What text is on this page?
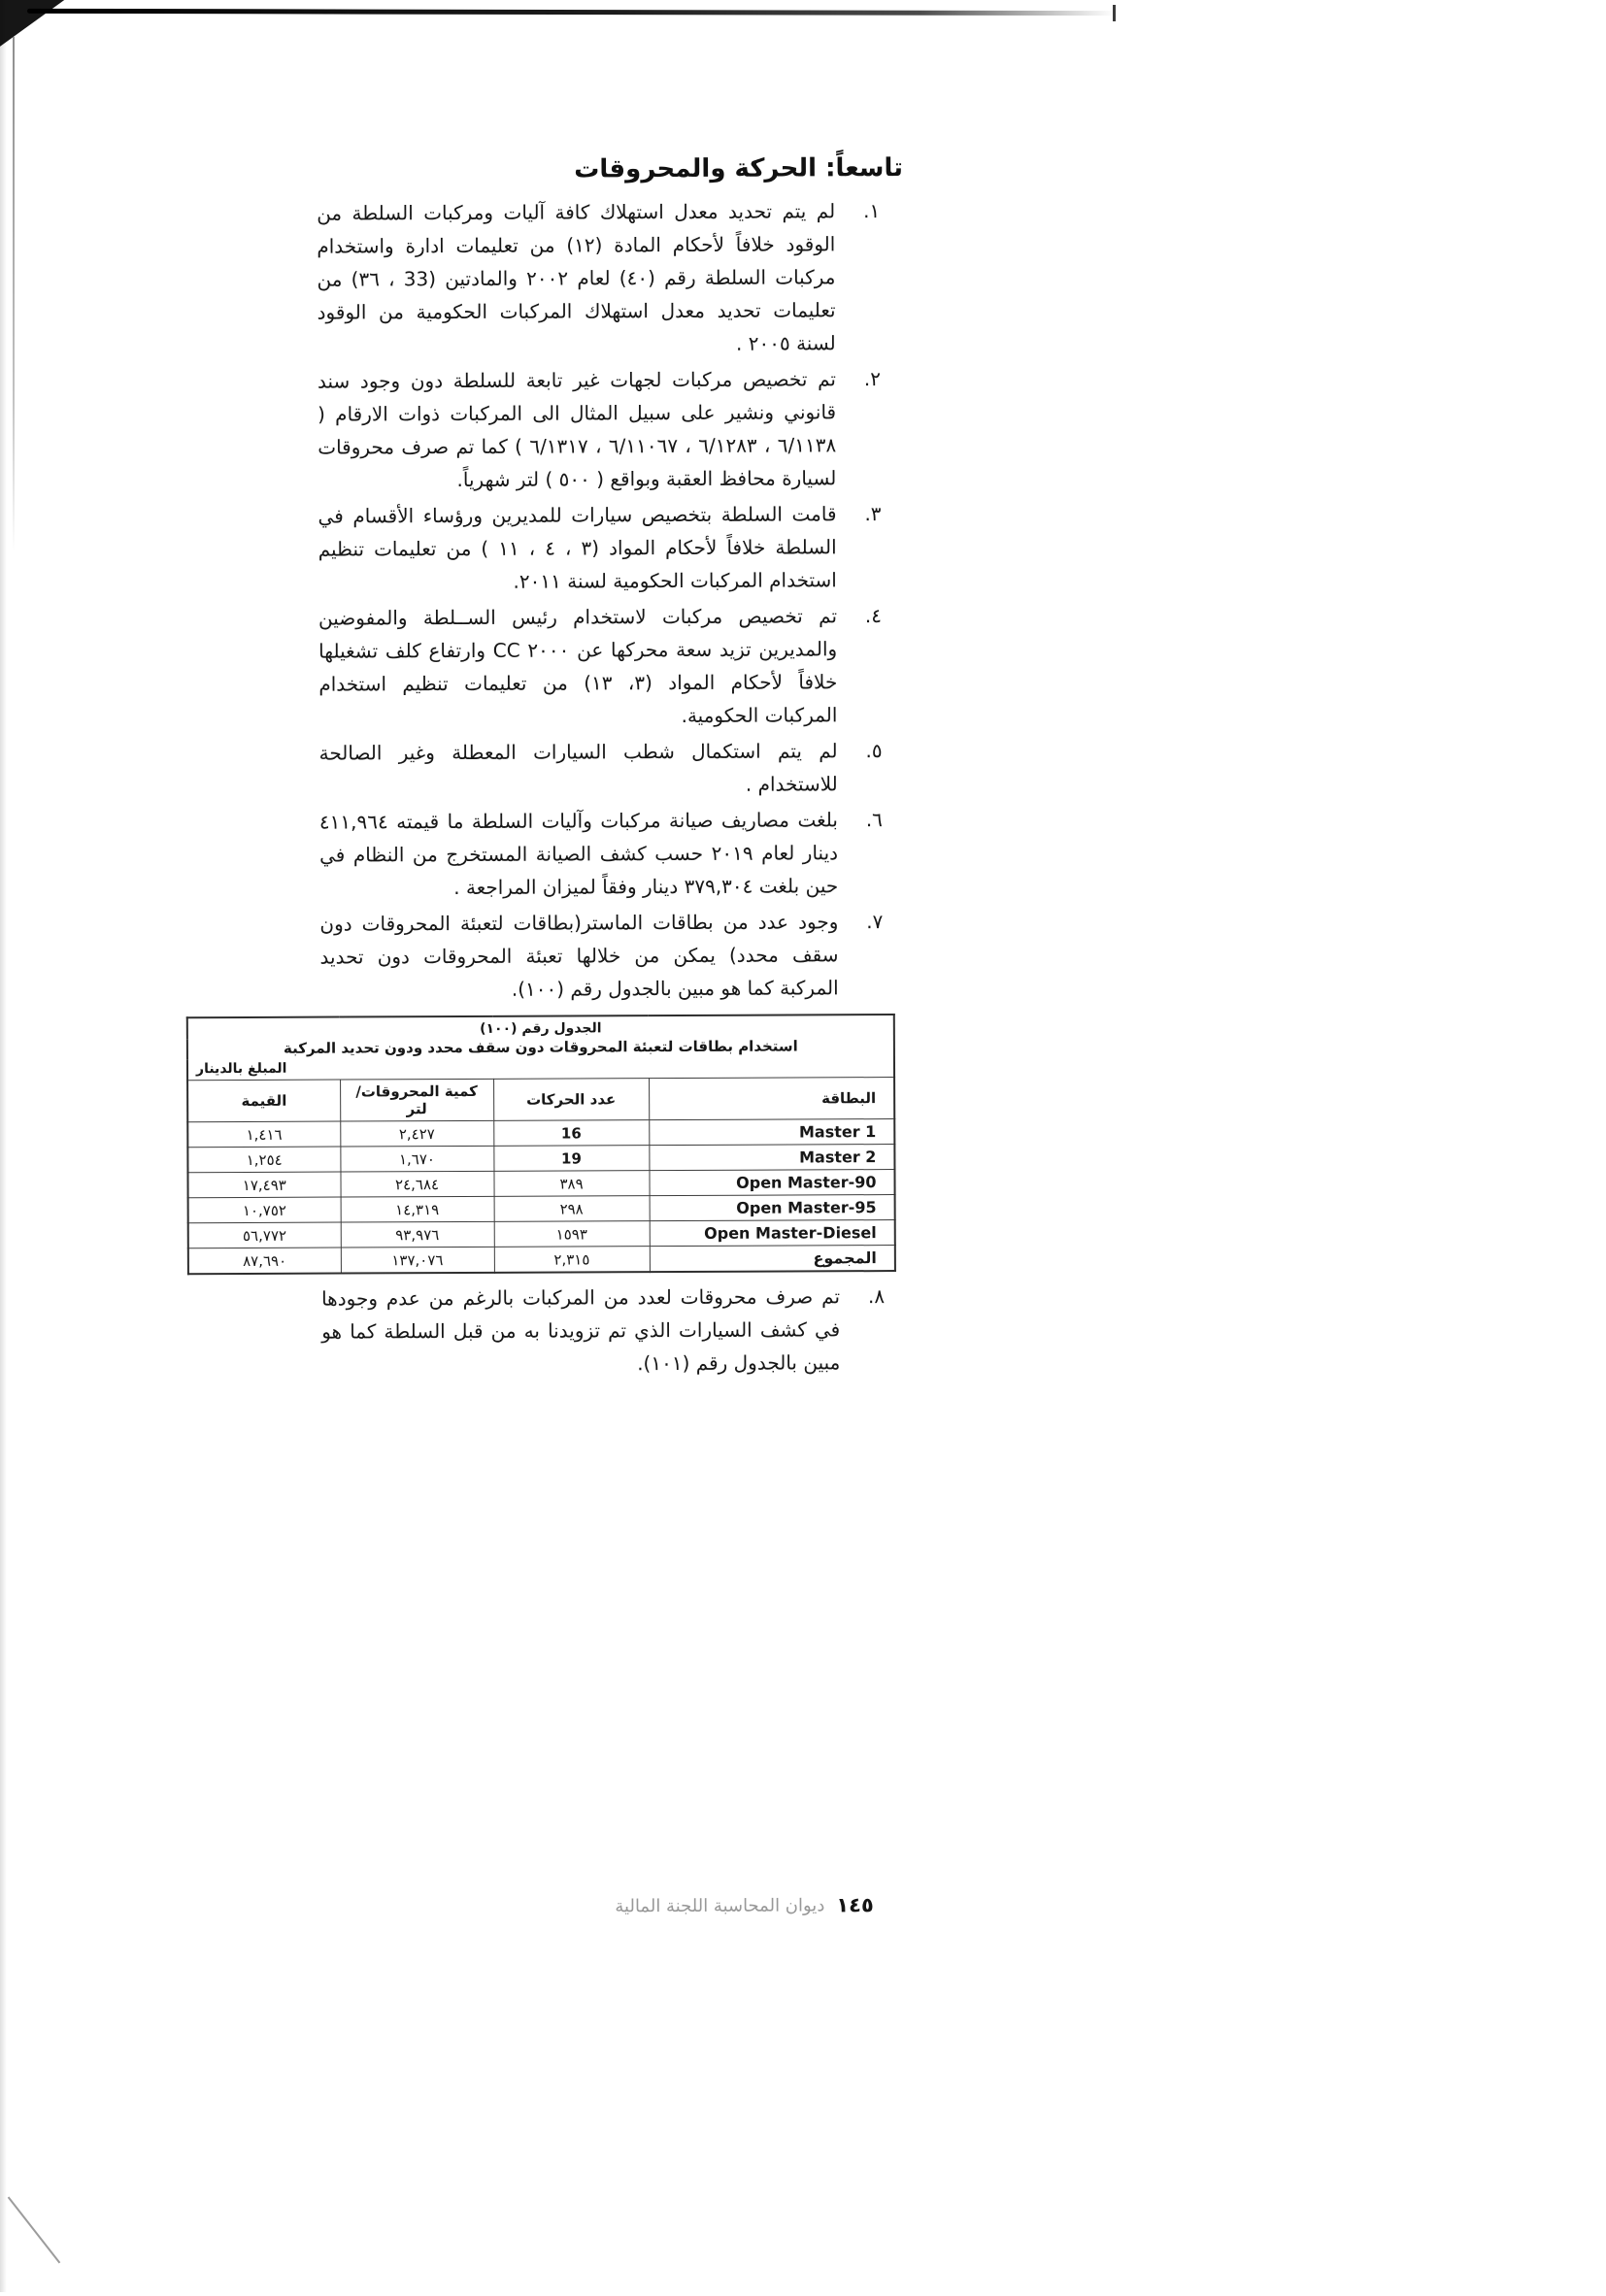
تاسعاً: الحركة والمحروقات
١.

لم يتم تحديد معدل استهلاك كافة آليات ومركبات السلطة من الوقود خلافاً لأحكام المادة (١٢) من تعليمات ادارة واستخدام مركبات السلطة رقم (٤٠) لعام ٢٠٠٢ والمادتين (33 ، ٣٦) من تعليمات تحديد معدل استهلاك المركبات الحكومية من الوقود لسنة ٢٠٠٥ .

٢.

تم تخصيص مركبات لجهات غير تابعة للسلطة دون وجود سند قانوني ونشير على سبيل المثال الى المركبات ذوات الارقام ( ٦/١١٣٨ ، ٦/١٢٨٣ ، ٦/١١٠٦٧ ، ٦/١٣١٧ ) كما تم صرف محروقات لسيارة محافظ العقبة وبواقع ( ٥٠٠ ) لتر شهرياً.

٣.

قامت السلطة بتخصيص سيارات للمديرين ورؤساء الأقسام في السلطة خلافاً لأحكام المواد (٣ ، ٤ ، ١١ ) من تعليمات تنظيم استخدام المركبات الحكومية لسنة ٢٠١١.

٤.

تم تخصيص مركبات لاستخدام رئيس الســلطة والمفوضين والمديرين تزيد سعة محركها عن ٢٠٠٠ CC وارتفاع كلف تشغيلها خلافاً لأحكام المواد (٣، ١٣) من تعليمات تنظيم استخدام المركبات الحكومية.

٥.

لم يتم استكمال شطب السيارات المعطلة وغير الصالحة للاستخدام .

٦.

بلغت مصاريف صيانة مركبات وآليات السلطة ما قيمته ٤١١,٩٦٤ دينار لعام ٢٠١٩ حسب كشف الصيانة المستخرج من النظام في حين بلغت ٣٧٩,٣٠٤ دينار وفقاً لميزان المراجعة .

٧.

وجود عدد من بطاقات الماستر(بطاقات لتعبئة المحروقات دون سقف محدد) يمكن من خلالها تعبئة المحروقات دون تحديد المركبة كما هو مبين بالجدول رقم (١٠٠).

الجدول رقم (١٠٠)			
استخدام بطاقات لتعبئة المحروقات دون سقف محدد ودون تحديد المركبة			
المبلغ بالدينار			
البطاقة	عدد الحركات	كمية المحروقات/لتر	القيمة
Master 1	16	٢,٤٢٧	١,٤١٦
Master 2	19	١,٦٧٠	١,٢٥٤
Open Master-90	٣٨٩	٢٤,٦٨٤	١٧,٤٩٣
Open Master-95	٢٩٨	١٤,٣١٩	١٠,٧٥٢
Open Master-Diesel	١٥٩٣	٩٣,٩٧٦	٥٦,٧٧٢
المجموع	٢,٣١٥	١٣٧,٠٧٦	٨٧,٦٩٠
٨.

تم صرف محروقات لعدد من المركبات بالرغم من عدم وجودها في كشف السيارات الذي تم تزويدنا به من قبل السلطة كما هو مبين بالجدول رقم (١٠١).

١٤٥
ديوان المحاسبة اللجنة المالية
